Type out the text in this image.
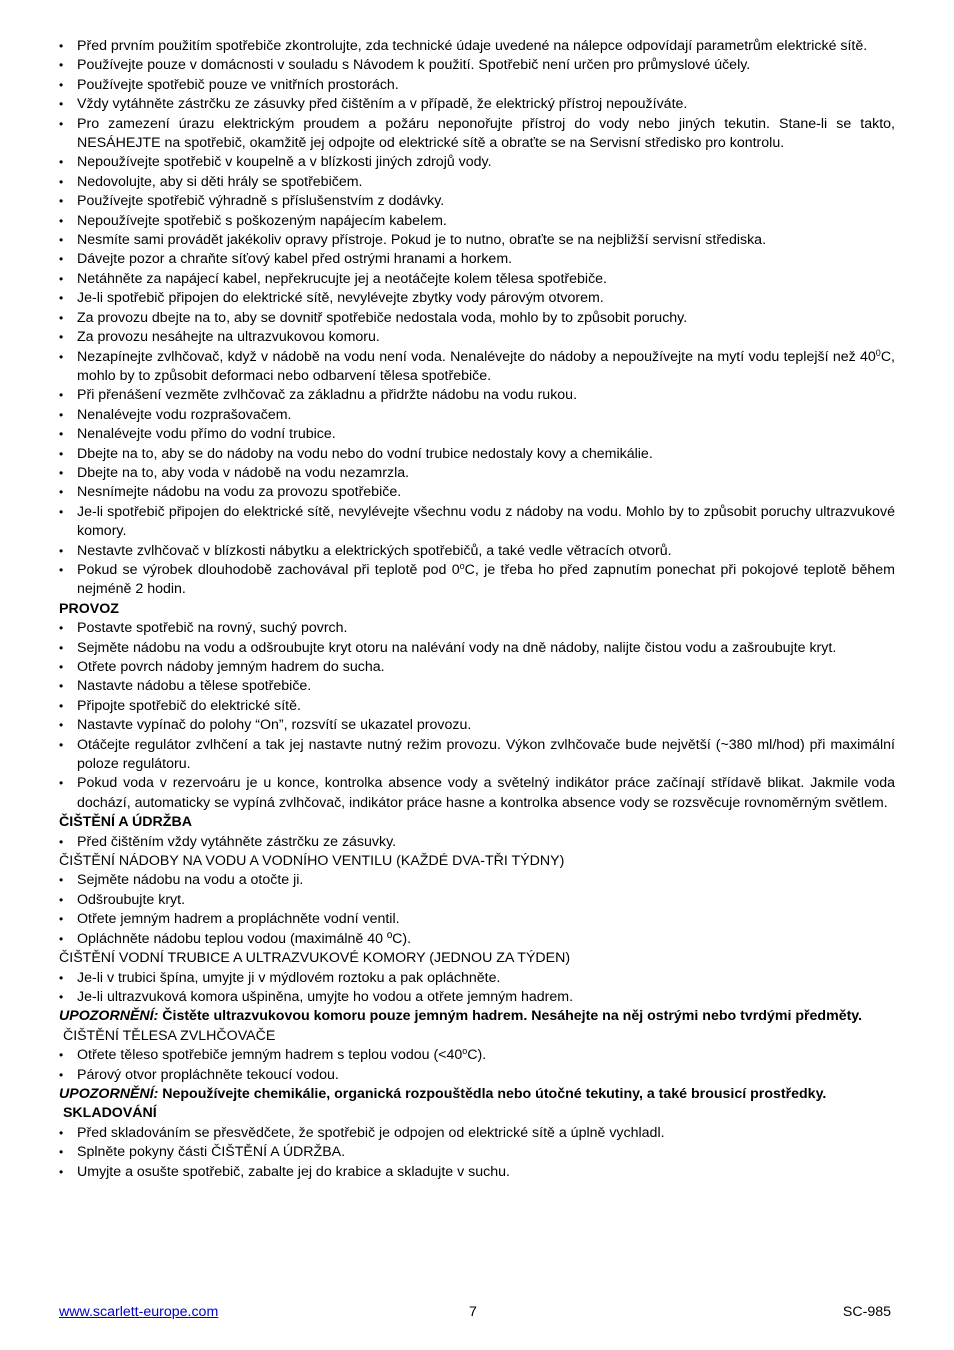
• Před prvním použitím spotřebiče zkontrolujte, zda technické údaje uvedené na nálepce odpovídají parametrům elektrické sítě.
• Používejte pouze v domácnosti v souladu s Návodem k použití. Spotřebič není určen pro průmyslové účely.
• Používejte spotřebič pouze ve vnitřních prostorách.
• Vždy vytáhněte zástrčku ze zásuvky před čištěním a v případě, že elektrický přístroj nepoužíváte.
• Pro zamezení úrazu elektrickým proudem a požáru neponořujte přístroj do vody nebo jiných tekutin. Stane-li se takto, NESÁHEJTE na spotřebič, okamžitě jej odpojte od elektrické sítě a obraťte se na Servisní středisko pro kontrolu.
• Nepoužívejte spotřebič v koupelně a v blízkosti jiných zdrojů vody.
• Nedovolujte, aby si děti hrály se spotřebičem.
• Používejte spotřebič výhradně s příslušenstvím z dodávky.
• Nepoužívejte spotřebič s poškozeným napájecím kabelem.
• Nesmíte sami provádět jakékoliv opravy přístroje. Pokud je to nutno, obraťte se na nejbližší servisní střediska.
• Dávejte pozor a chraňte síťový kabel před ostrými hranami a horkem.
• Netáhněte za napájecí kabel, nepřekrucujte jej a neotáčejte kolem tělesa spotřebiče.
• Je-li spotřebič připojen do elektrické sítě, nevylévejte zbytky vody párovým otvorem.
• Za provozu dbejte na to, aby se dovnitř spotřebiče nedostala voda, mohlo by to způsobit poruchy.
• Za provozu nesáhejte na ultrazvukovou komoru.
• Nezapínejte zvlhčovač, když v nádobě na vodu není voda. Nenalévejte do nádoby a nepoužívejte na mytí vodu teplejší než $40^0C$, mohlo by to způsobit deformaci nebo odbarvení tělesa spotřebiče.
• Při přenášení vezměte zvlhčovač za základnu a přidržte nádobu na vodu rukou.
• Nenalévejte vodu rozprašovačem.
• Nenalévejte vodu přímo do vodní trubice.
• Dbejte na to, aby se do nádoby na vodu nebo do vodní trubice nedostaly kovy a chemikálie.
• Dbejte na to, aby voda v nádobě na vodu nezamrzla.
• Nesnímejte nádobu na vodu za provozu spotřebiče.
• Je-li spotřebič připojen do elektrické sítě, nevylévejte všechnu vodu z nádoby na vodu. Mohlo by to způsobit poruchy ultrazvukové komory.
• Nestavte zvlhčovač v blízkosti nábytku a elektrických spotřebičů, a také vedle větracích otvorů.
• Pokud se výrobek dlouhodobě zachovával při teplotě pod 0$^o$C, je třeba ho před zapnutím ponechat při pokojové teplotě během nejméně 2 hodin.
PROVOZ
• Postavte spotřebič na rovný, suchý povrch.
• Sejměte nádobu na vodu a odšroubujte kryt otoru na nalévání vody na dně nádoby, nalijte čistou vodu a zašroubujte kryt.
• Otřete povrch nádoby jemným hadrem do sucha.
• Nastavte nádobu a tělese spotřebiče.
• Připojte spotřebič do elektrické sítě.
• Nastavte vypínač do polohy “On”, rozsvítí se ukazatel provozu.
• Otáčejte regulátor zvlhčení a tak jej nastavte nutný režim provozu. Výkon zvlhčovače bude největší (~380 ml/hod) při maximální poloze regulátoru.
• Pokud voda v rezervoáru je u konce, kontrolka absence vody a světelný indikátor práce začínají střídavě blikat. Jakmile voda dochází, automaticky se vypíná zvlhčovač, indikátor práce hasne a kontrolka absence vody se rozsvěcuje rovnoměrným světlem.
ČIŠTĚNÍ A ÚDRŽBA
• Před čištěním vždy vytáhněte zástrčku ze zásuvky.
ČIŠTĚNÍ NÁDOBY NA VODU A VODNÍHO VENTILU (KAŽDÉ DVA-TŘI TÝDNY)
• Sejměte nádobu na vodu a otočte ji.
• Odšroubujte kryt.
• Otřete jemným hadrem a propláchněte vodní ventil.
• Opláchněte nádobu teplou vodou (maximálně 40 ºC).
ČIŠTĚNÍ VODNÍ TRUBICE A ULTRAZVUKOVÉ KOMORY (JEDNOU ZA TÝDEN)
• Je-li v trubici špína, umyjte ji v mýdlovém roztoku a pak opláchněte.
• Je-li ultrazvuková komora ušpiněna, umyjte ho vodou a otřete jemným hadrem.
UPOZORNĚNÍ: Čistěte ultrazvukovou komoru pouze jemným hadrem. Nesáhejte na něj ostrými nebo tvrdými předměty.
ČIŠTĚNÍ TĚLESA ZVLHČOVAČE
• Otřete těleso spotřebiče jemným hadrem s teplou vodou $(<40^oC)$.
• Párový otvor propláchněte tekoucí vodou.
UPOZORNĚNÍ: Nepoužívejte chemikálie, organická rozpouštědla nebo útočné tekutiny, a také brousicí prostředky.
SKLADOVÁNÍ
• Před skladováním se přesvědčete, že spotřebič je odpojen od elektrické sítě a úplně vychladl.
• Splněte pokyny části ČIŠTĚNÍ A ÚDRŽBA.
• Umyjte a osušte spotřebič, zabalte jej do krabice a skladujte v suchu.
www.scarlett-europe.com	7	SC-985
